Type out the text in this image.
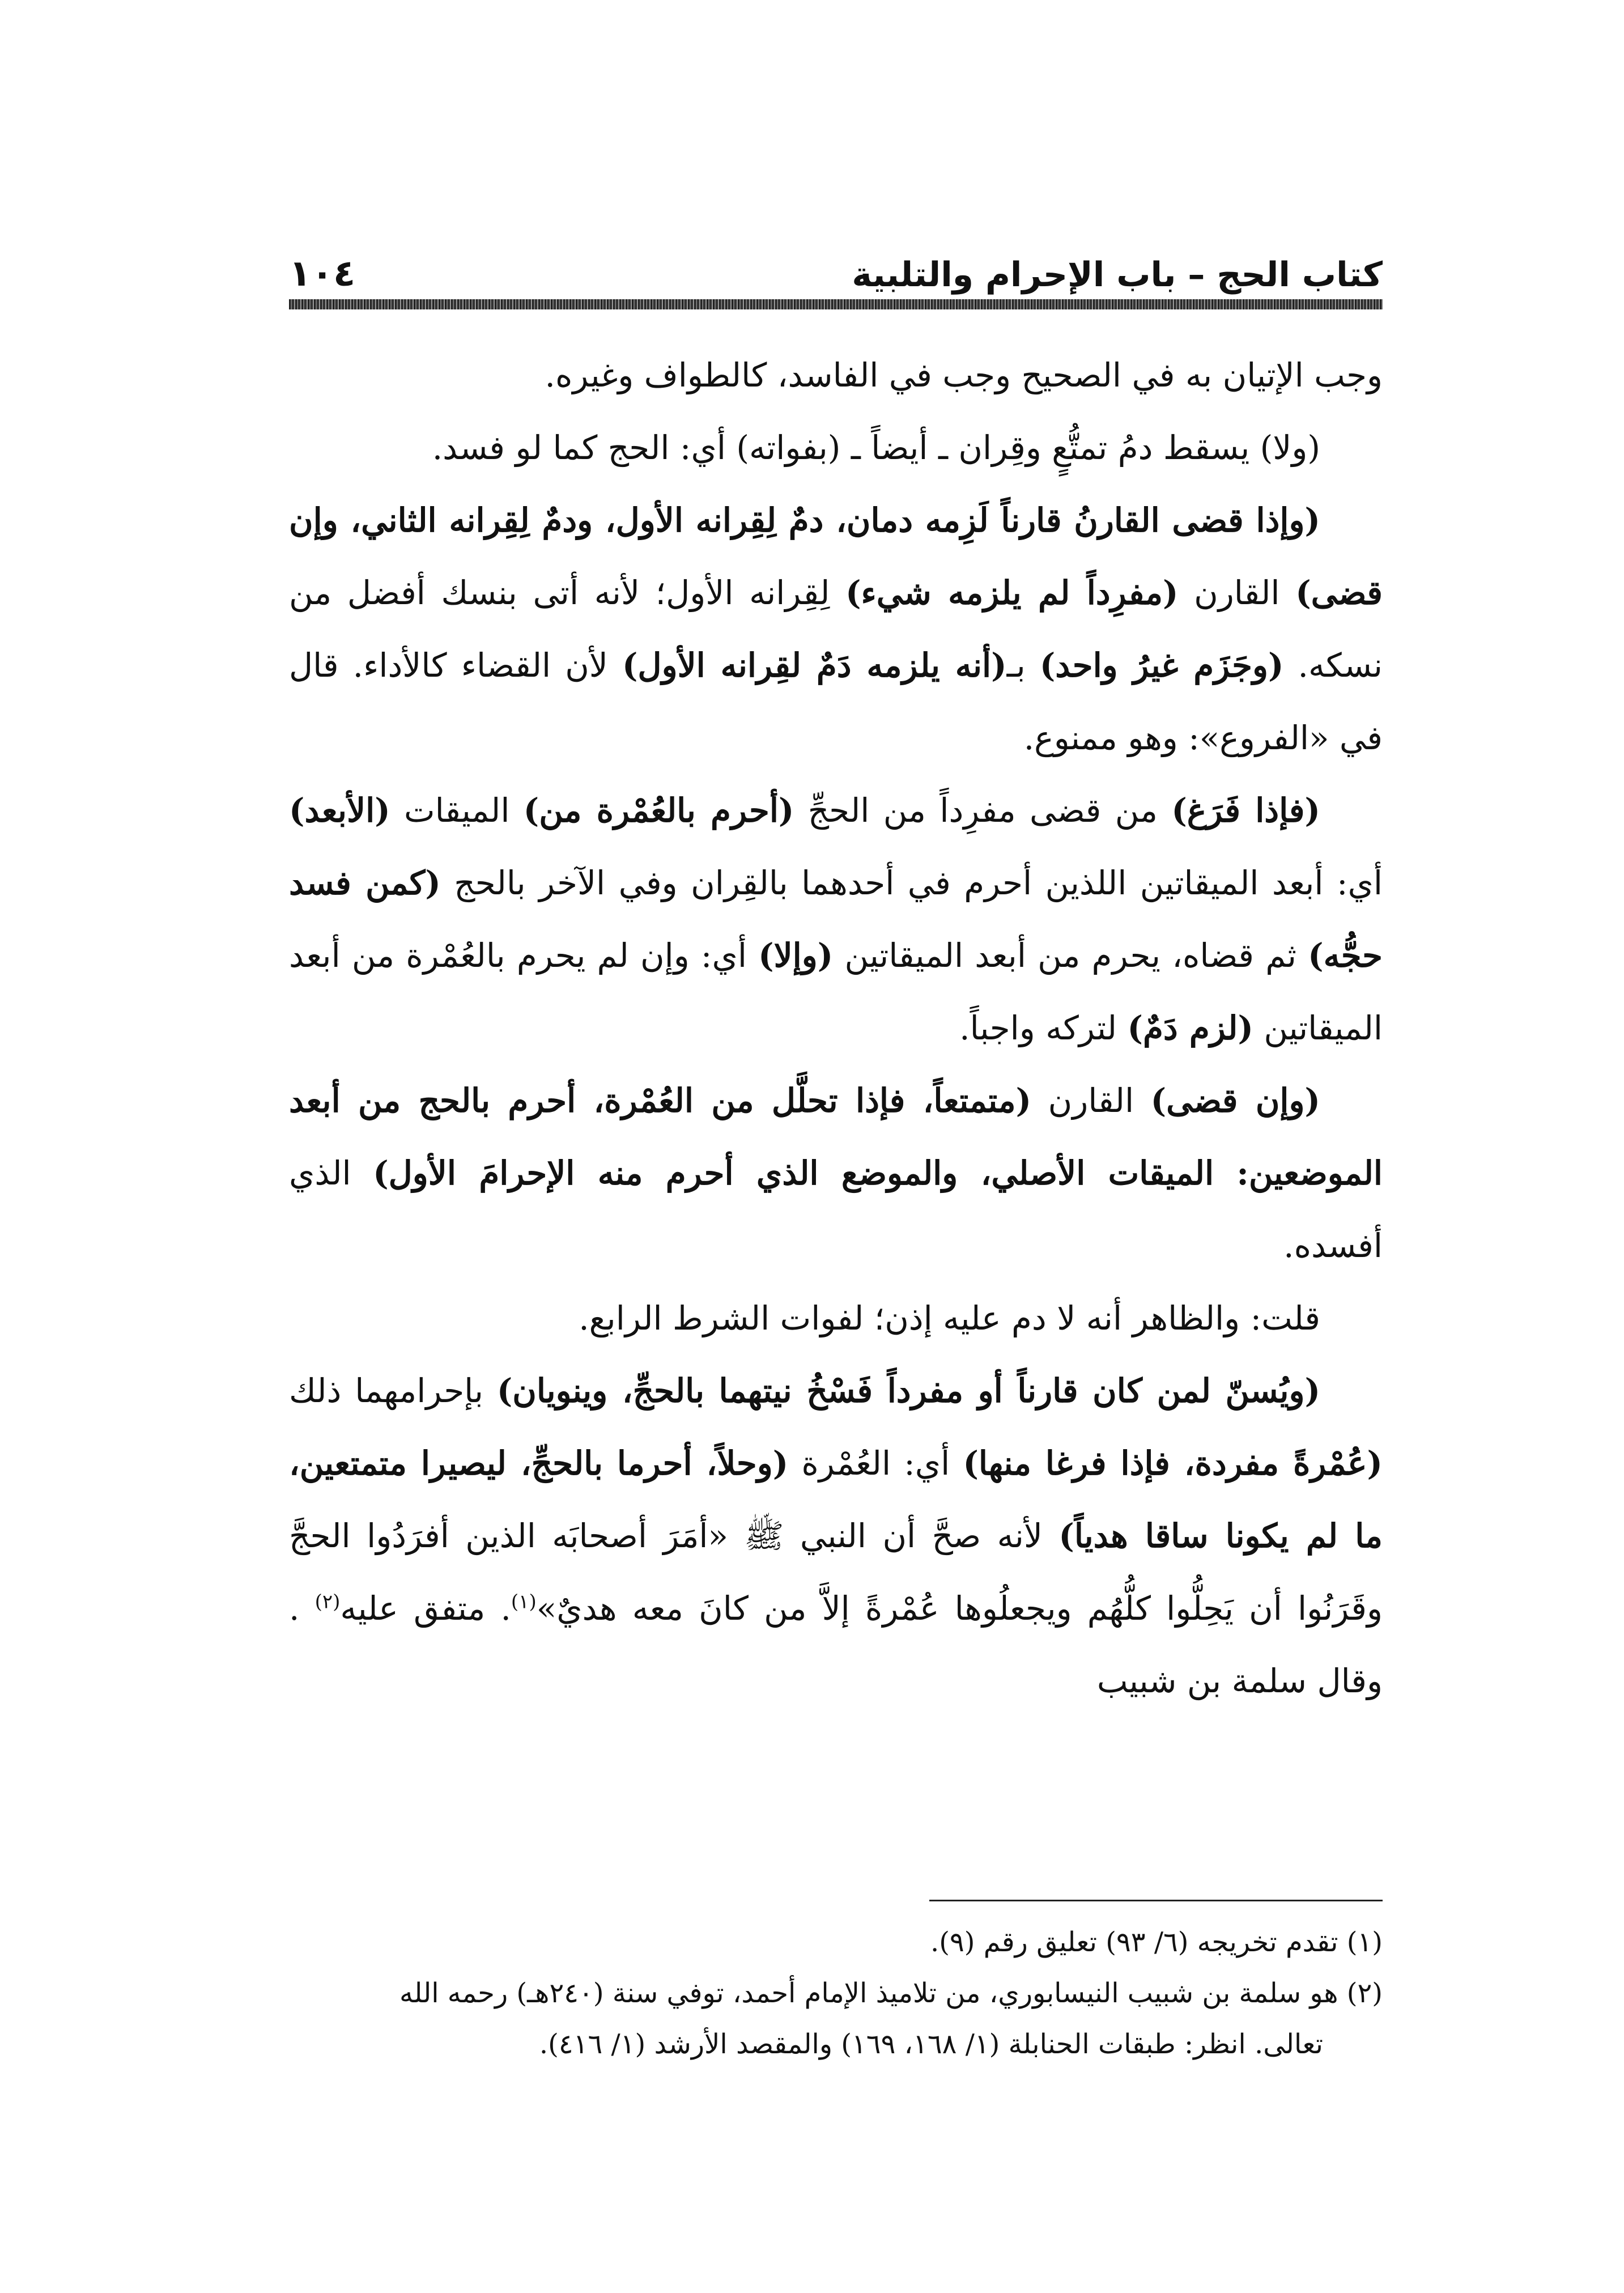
كتاب الحج – باب الإحرام والتلبية
١٠٤

وجب الإتيان به في الصحيح وجب في الفاسد، كالطواف وغيره.

(ولا) يسقط دمُ تمتُّعٍ وقِران ـ أيضاً ـ (بفواته) أي: الحج كما لو فسد.

(وإذا قضى القارنُ قارناً لَزِمه دمان، دمٌ لِقِرانه الأول، ودمٌ لِقِرانه الثاني، وإن قضى) القارن (مفرِداً لم يلزمه شيء) لِقِرانه الأول؛ لأنه أتى بنسك أفضل من نسكه. (وجَزَم غيرُ واحد) بـ(أنه يلزمه دَمٌ لقِرانه الأول) لأن القضاء كالأداء. قال في «الفروع»: وهو ممنوع.

(فإذا فَرَغ) من قضى مفرِداً من الحجِّ (أحرم بالعُمْرة من) الميقات (الأبعد) أي: أبعد الميقاتين اللذين أحرم في أحدهما بالقِران وفي الآخر بالحج (كمن فسد حجُّه) ثم قضاه، يحرم من أبعد الميقاتين (وإلا) أي: وإن لم يحرم بالعُمْرة من أبعد الميقاتين (لزم دَمٌ) لتركه واجباً.

(وإن قضى) القارن (متمتعاً، فإذا تحلَّل من العُمْرة، أحرم بالحج من أبعد الموضعين: الميقات الأصلي، والموضع الذي أحرم منه الإحرامَ الأول) الذي أفسده.

قلت: والظاهر أنه لا دم عليه إذن؛ لفوات الشرط الرابع.

(ويُسنّ لمن كان قارناً أو مفرداً فَسْخُ نيتهما بالحجِّ، وينويان) بإحرامهما ذلك (عُمْرةً مفردة، فإذا فرغا منها) أي: العُمْرة (وحلاً، أحرما بالحجِّ، ليصيرا متمتعين، ما لم يكونا ساقا هدياً) لأنه صحَّ أن النبي ﷺ «أمَرَ أصحابَه الذين أفرَدُوا الحجَّ وقَرَنُوا أن يَحِلُّوا كلُّهُم ويجعلُوها عُمْرةً إلاَّ من كانَ معه هديٌ»$^{(١)}$. متفق عليه$^{(٢)}$ . وقال سلمة بن شبيب

(١) تقدم تخريجه (٦/ ٩٣) تعليق رقم (٩).

(٢) هو سلمة بن شبيب النيسابوري، من تلاميذ الإمام أحمد، توفي سنة (٢٤٠هـ) رحمه الله

تعالى. انظر: طبقات الحنابلة (١/ ١٦٨، ١٦٩) والمقصد الأرشد (١/ ٤١٦).
